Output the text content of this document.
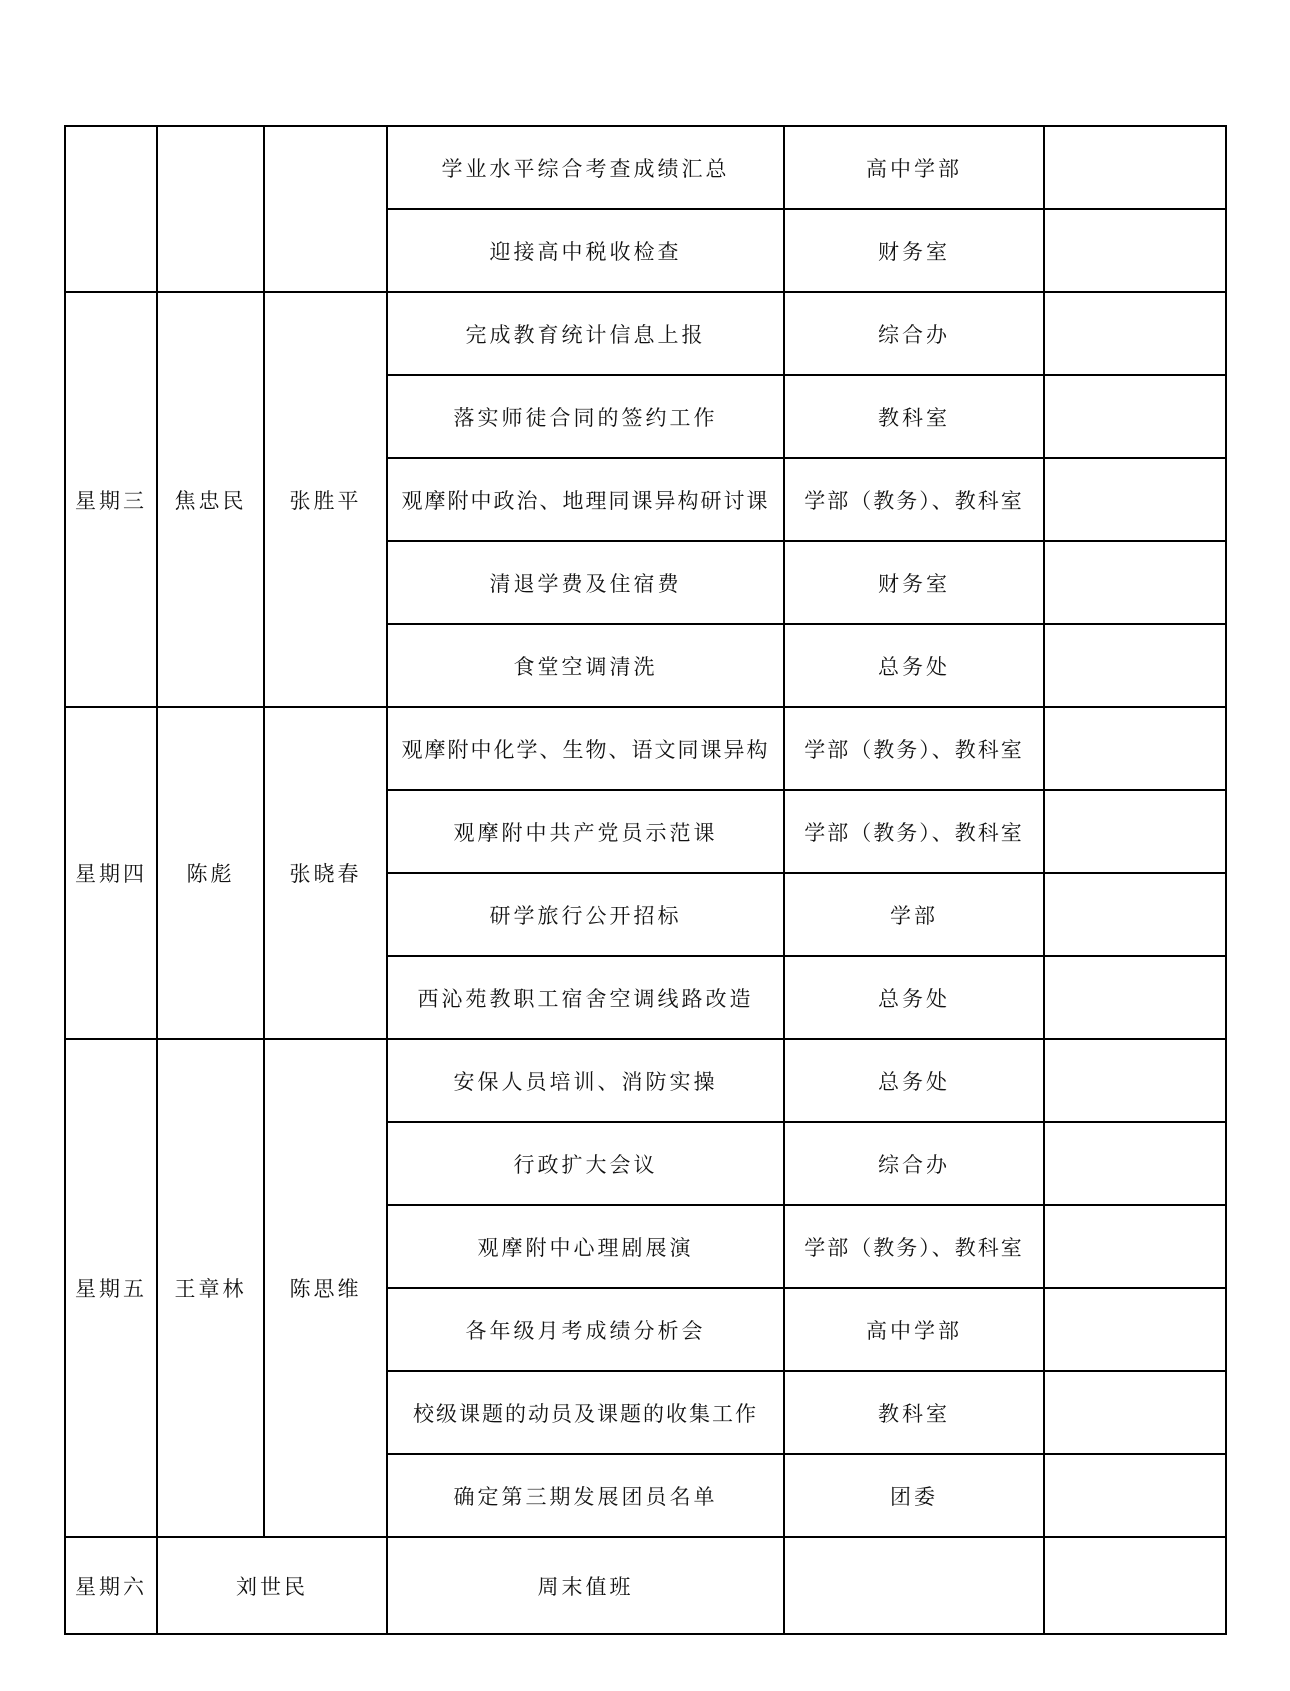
			学业水平综合考查成绩汇总	高中学部	
			迎接高中税收检查	财务室	
星期三	焦忠民	张胜平	完成教育统计信息上报	综合办	
			落实师徒合同的签约工作	教科室	
			观摩附中政治、地理同课异构研讨课	学部（教务）、教科室	
			清退学费及住宿费	财务室	
			食堂空调清洗	总务处	
星期四	陈彪	张晓春	观摩附中化学、生物、语文同课异构	学部（教务）、教科室	
			观摩附中共产党员示范课	学部（教务）、教科室	
			研学旅行公开招标	学部	
			西沁苑教职工宿舍空调线路改造	总务处	
星期五	王章林	陈思维	安保人员培训、消防实操	总务处	
			行政扩大会议	综合办	
			观摩附中心理剧展演	学部（教务）、教科室	
			各年级月考成绩分析会	高中学部	
			校级课题的动员及课题的收集工作	教科室	
			确定第三期发展团员名单	团委	
星期六	刘世民		周末值班		
